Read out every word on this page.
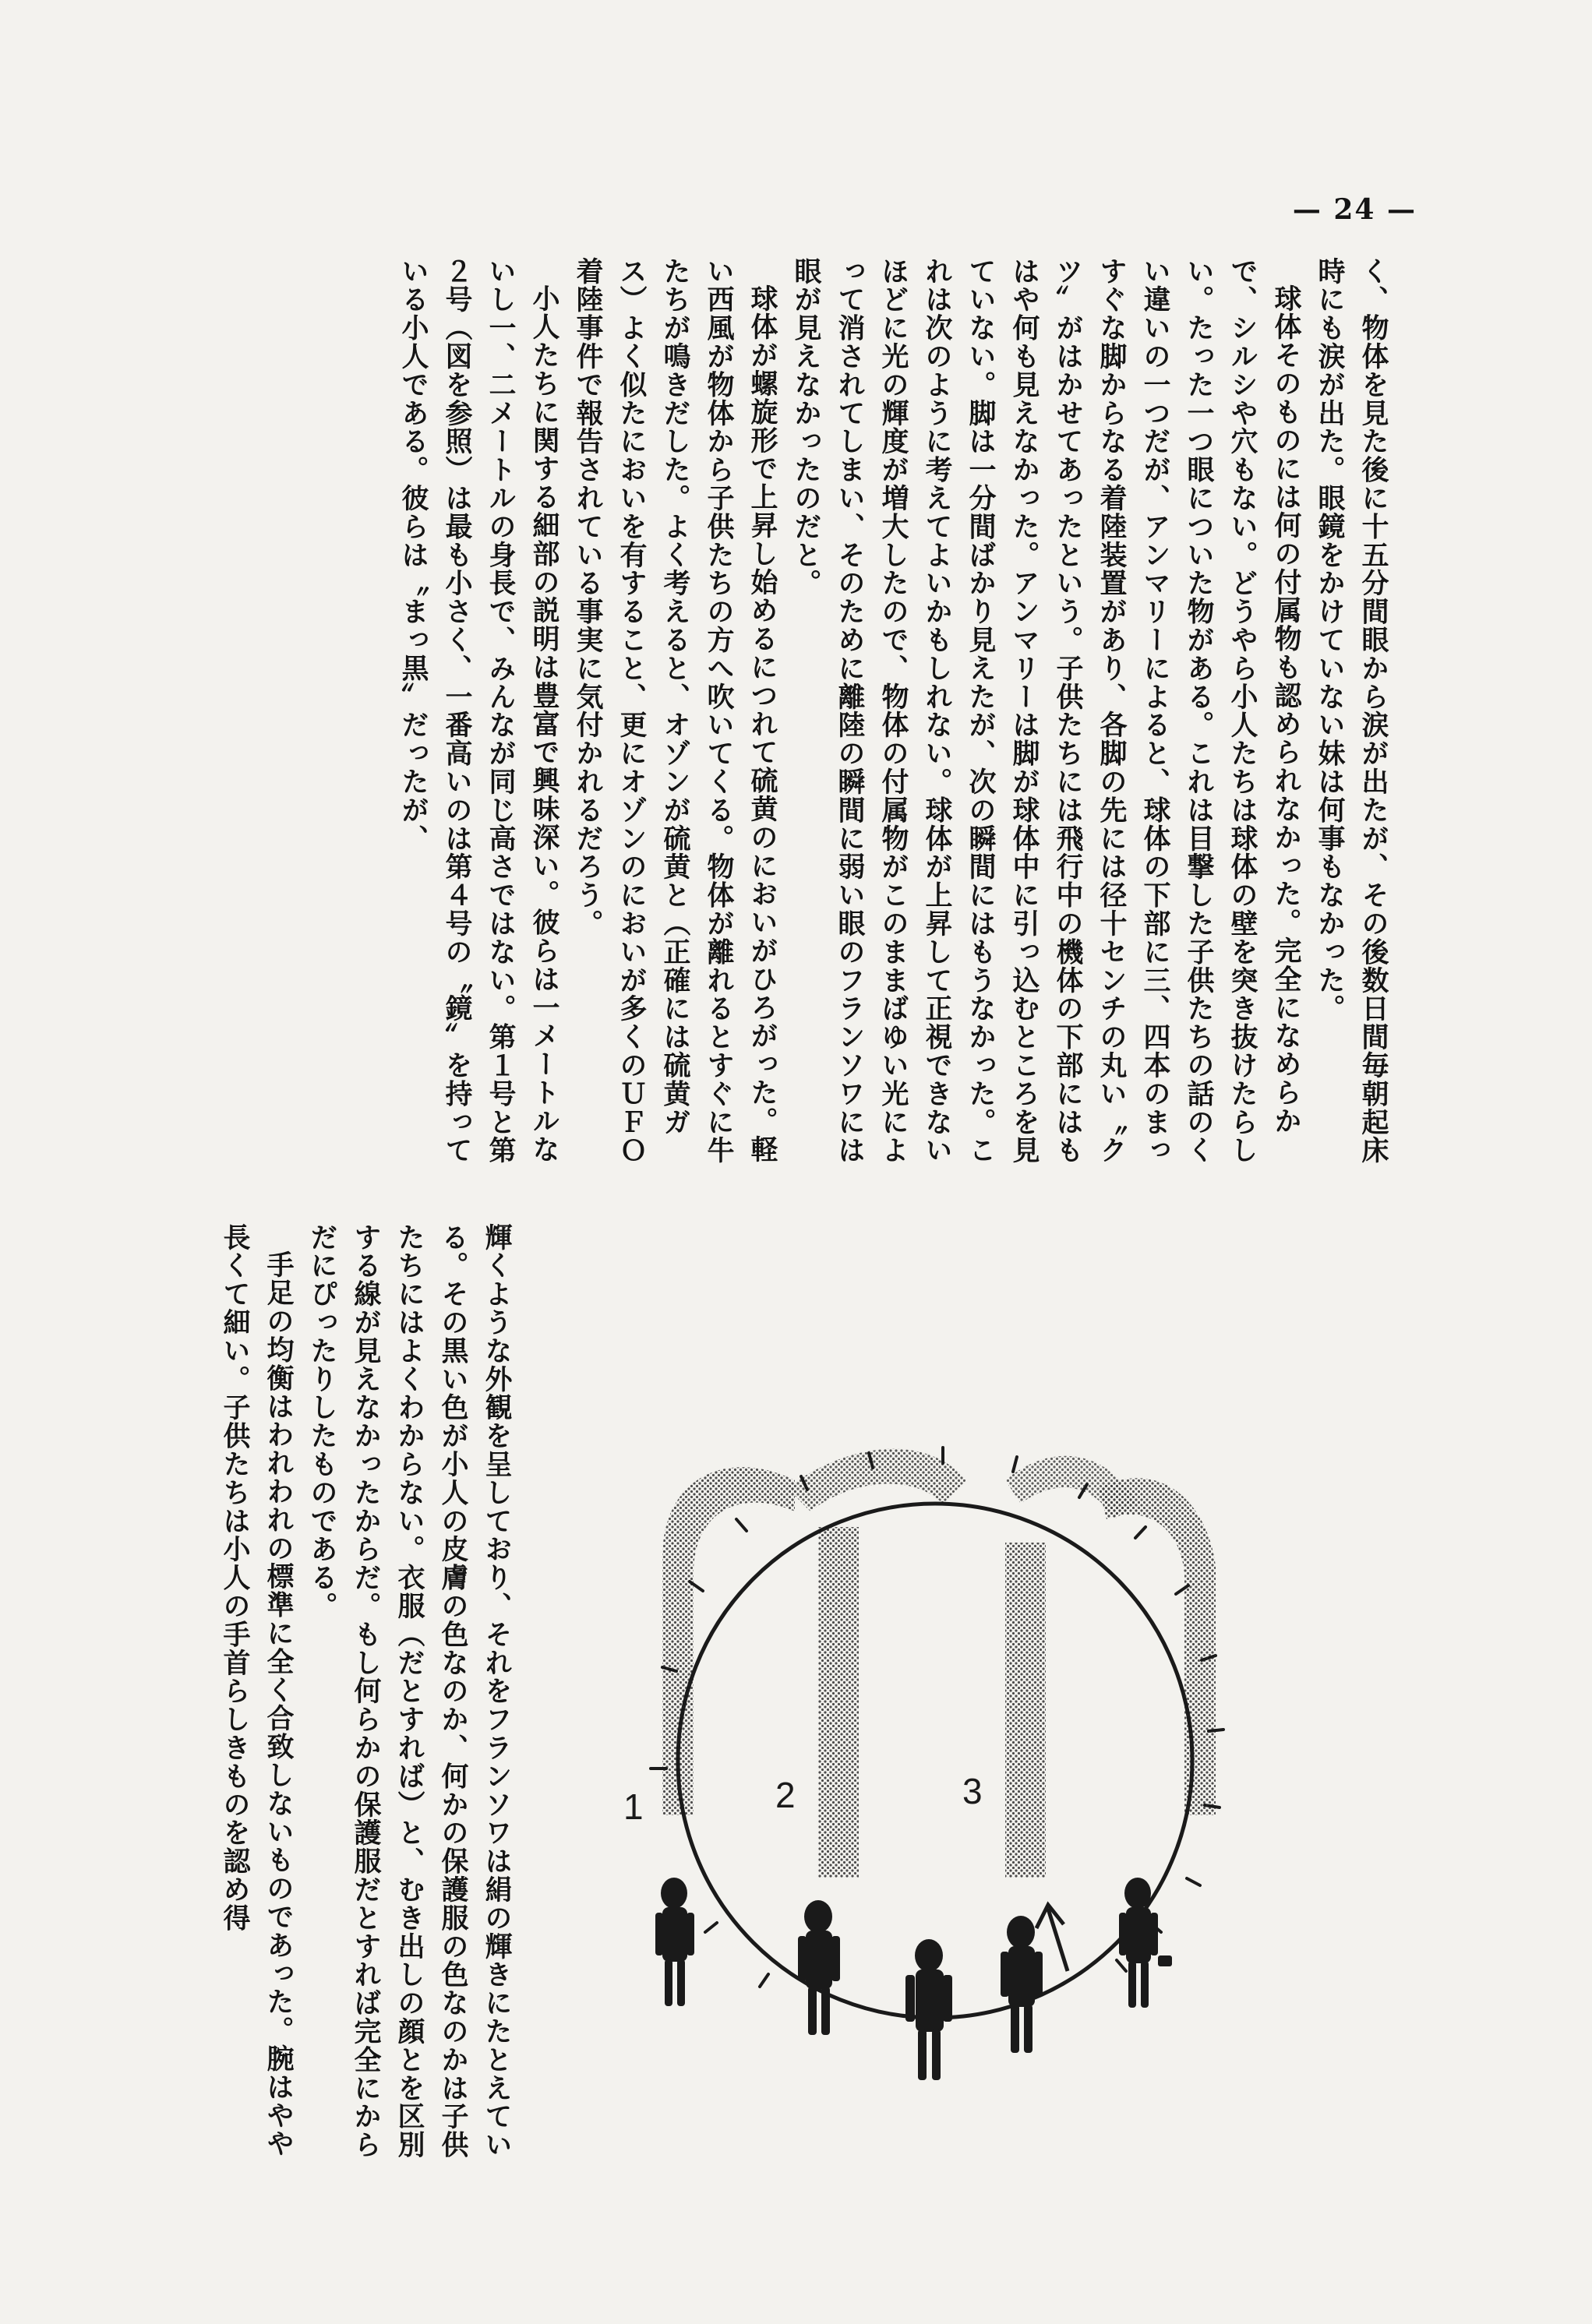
— 24 —

く、物体を見た後に十五分間眼から涙が出たが、その後数日間毎朝起床時にも涙が出た。眼鏡をかけていない妹は何事もなかった。

球体そのものには何の付属物も認められなかった。完全になめらかで、シルシや穴もない。どうやら小人たちは球体の壁を突き抜けたらしい。たった一つ眼についた物がある。これは目撃した子供たちの話のくい違いの一つだが、アンマリーによると、球体の下部に三、四本のまっすぐな脚からなる着陸装置があり、各脚の先には径十センチの丸い〝クツ〟がはかせてあったという。子供たちには飛行中の機体の下部にはもはや何も見えなかった。アンマリーは脚が球体中に引っ込むところを見ていない。脚は一分間ばかり見えたが、次の瞬間にはもうなかった。これは次のように考えてよいかもしれない。球体が上昇して正視できないほどに光の輝度が増大したので、物体の付属物がこのままばゆい光によって消されてしまい、そのために離陸の瞬間に弱い眼のフランソワには眼が見えなかったのだと。

球体が螺旋形で上昇し始めるにつれて硫黄のにおいがひろがった。軽い西風が物体から子供たちの方へ吹いてくる。物体が離れるとすぐに牛たちが鳴きだした。よく考えると、オゾンが硫黄と（正確には硫黄ガス）よく似たにおいを有すること、更にオゾンのにおいが多くのＵＦＯ着陸事件で報告されている事実に気付かれるだろう。

小人たちに関する細部の説明は豊富で興味深い。彼らは一メートルないし一、二メートルの身長で、みんなが同じ高さではない。第１号と第２号（図を参照）は最も小さく、一番高いのは第４号の〝鏡〟を持っている小人である。彼らは〝まっ黒〟だったが、

輝くような外観を呈しており、それをフランソワは絹の輝きにたとえている。その黒い色が小人の皮膚の色なのか、何かの保護服の色なのかは子供たちにはよくわからない。衣服（だとすれば）と、むき出しの顔とを区別する線が見えなかったからだ。もし何らかの保護服だとすれば完全にからだにぴったりしたものである。

手足の均衡はわれわれの標準に全く合致しないものであった。腕はやや長くて細い。子供たちは小人の手首らしきものを認め得	1	2	3
